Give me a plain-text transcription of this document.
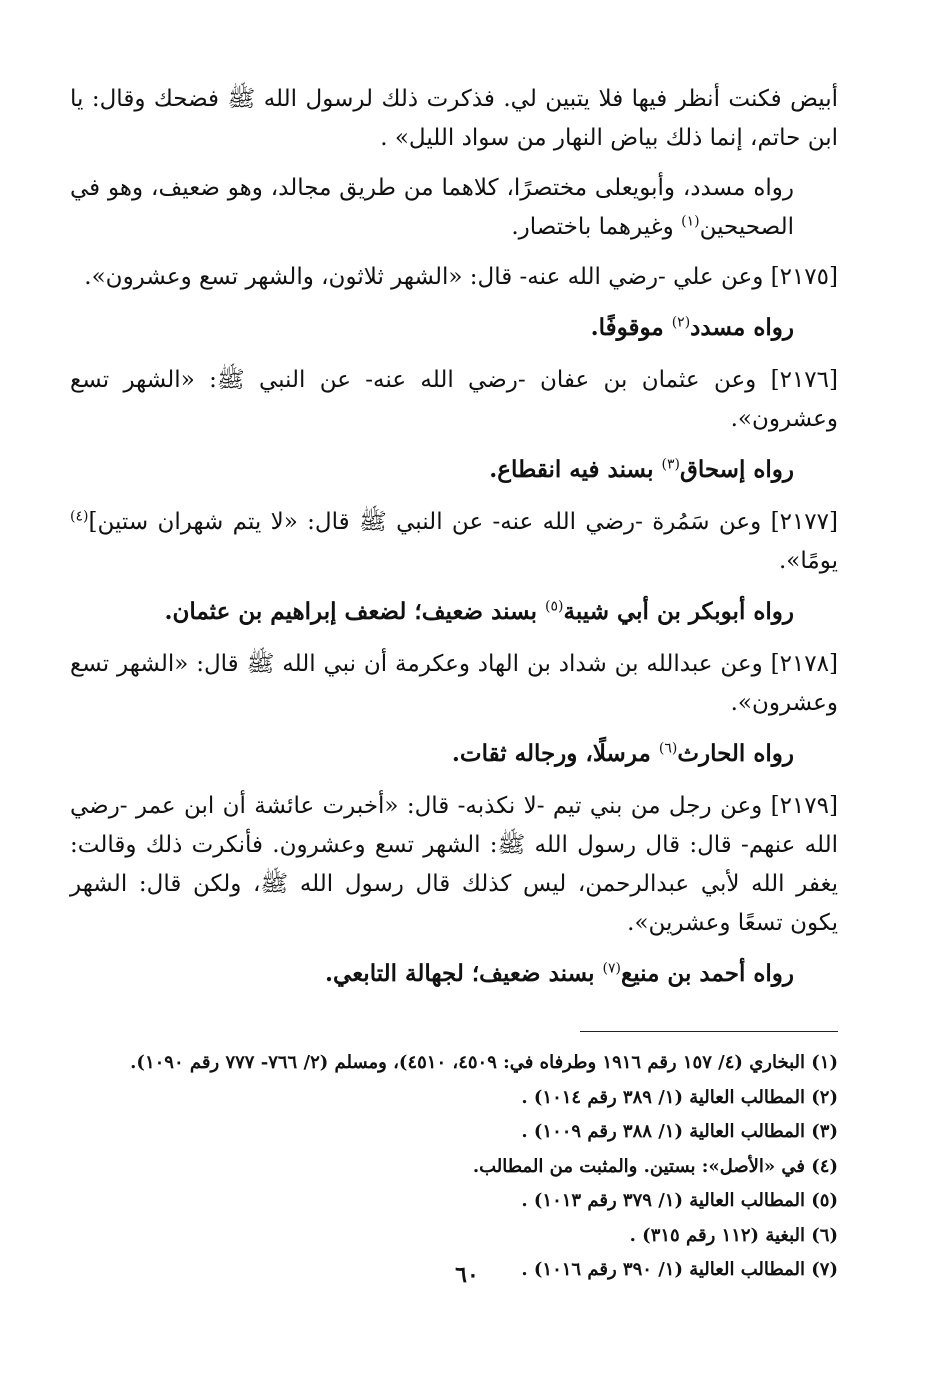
أبيض فكنت أنظر فيها فلا يتبين لي. فذكرت ذلك لرسول الله ﷺ فضحك وقال: يا ابن حاتم، إنما ذلك بياض النهار من سواد الليل» .

رواه مسدد، وأبويعلى مختصرًا، كلاهما من طريق مجالد، وهو ضعيف، وهو في الصحيحين$^{(١)}$ وغيرهما باختصار.

[٢١٧٥] وعن علي -رضي الله عنه- قال: «الشهر ثلاثون، والشهر تسع وعشرون».

رواه مسدد$^{(٢)}$ موقوفًا.

[٢١٧٦] وعن عثمان بن عفان -رضي الله عنه- عن النبي ﷺ: «الشهر تسع وعشرون».

رواه إسحاق$^{(٣)}$ بسند فيه انقطاع.

[٢١٧٧] وعن سَمُرة -رضي الله عنه- عن النبي ﷺ قال: «لا يتم شهران ستين]$^{(٤)}$ يومًا».

رواه أبوبكر بن أبي شيبة$^{(٥)}$ بسند ضعيف؛ لضعف إبراهيم بن عثمان.

[٢١٧٨] وعن عبدالله بن شداد بن الهاد وعكرمة أن نبي الله ﷺ قال: «الشهر تسع وعشرون».

رواه الحارث$^{(٦)}$ مرسلًا، ورجاله ثقات.

[٢١٧٩] وعن رجل من بني تيم -لا نكذبه- قال: «أخبرت عائشة أن ابن عمر -رضي الله عنهم- قال: قال رسول الله ﷺ: الشهر تسع وعشرون. فأنكرت ذلك وقالت: يغفر الله لأبي عبدالرحمن، ليس كذلك قال رسول الله ﷺ، ولكن قال: الشهر يكون تسعًا وعشرين».

رواه أحمد بن منيع$^{(٧)}$ بسند ضعيف؛ لجهالة التابعي.

(١) البخاري (٤/ ١٥٧ رقم ١٩١٦ وطرفاه في: ٤٥٠٩، ٤٥١٠)، ومسلم (٢/ ٧٦٦- ٧٧٧ رقم ١٠٩٠).

(٢) المطالب العالية (١/ ٣٨٩ رقم ١٠١٤) .

(٣) المطالب العالية (١/ ٣٨٨ رقم ١٠٠٩) .

(٤) في «الأصل»: بستين. والمثبت من المطالب.

(٥) المطالب العالية (١/ ٣٧٩ رقم ١٠١٣) .

(٦) البغية (١١٢ رقم ٣١٥) .

(٧) المطالب العالية (١/ ٣٩٠ رقم ١٠١٦) .

٦٠
